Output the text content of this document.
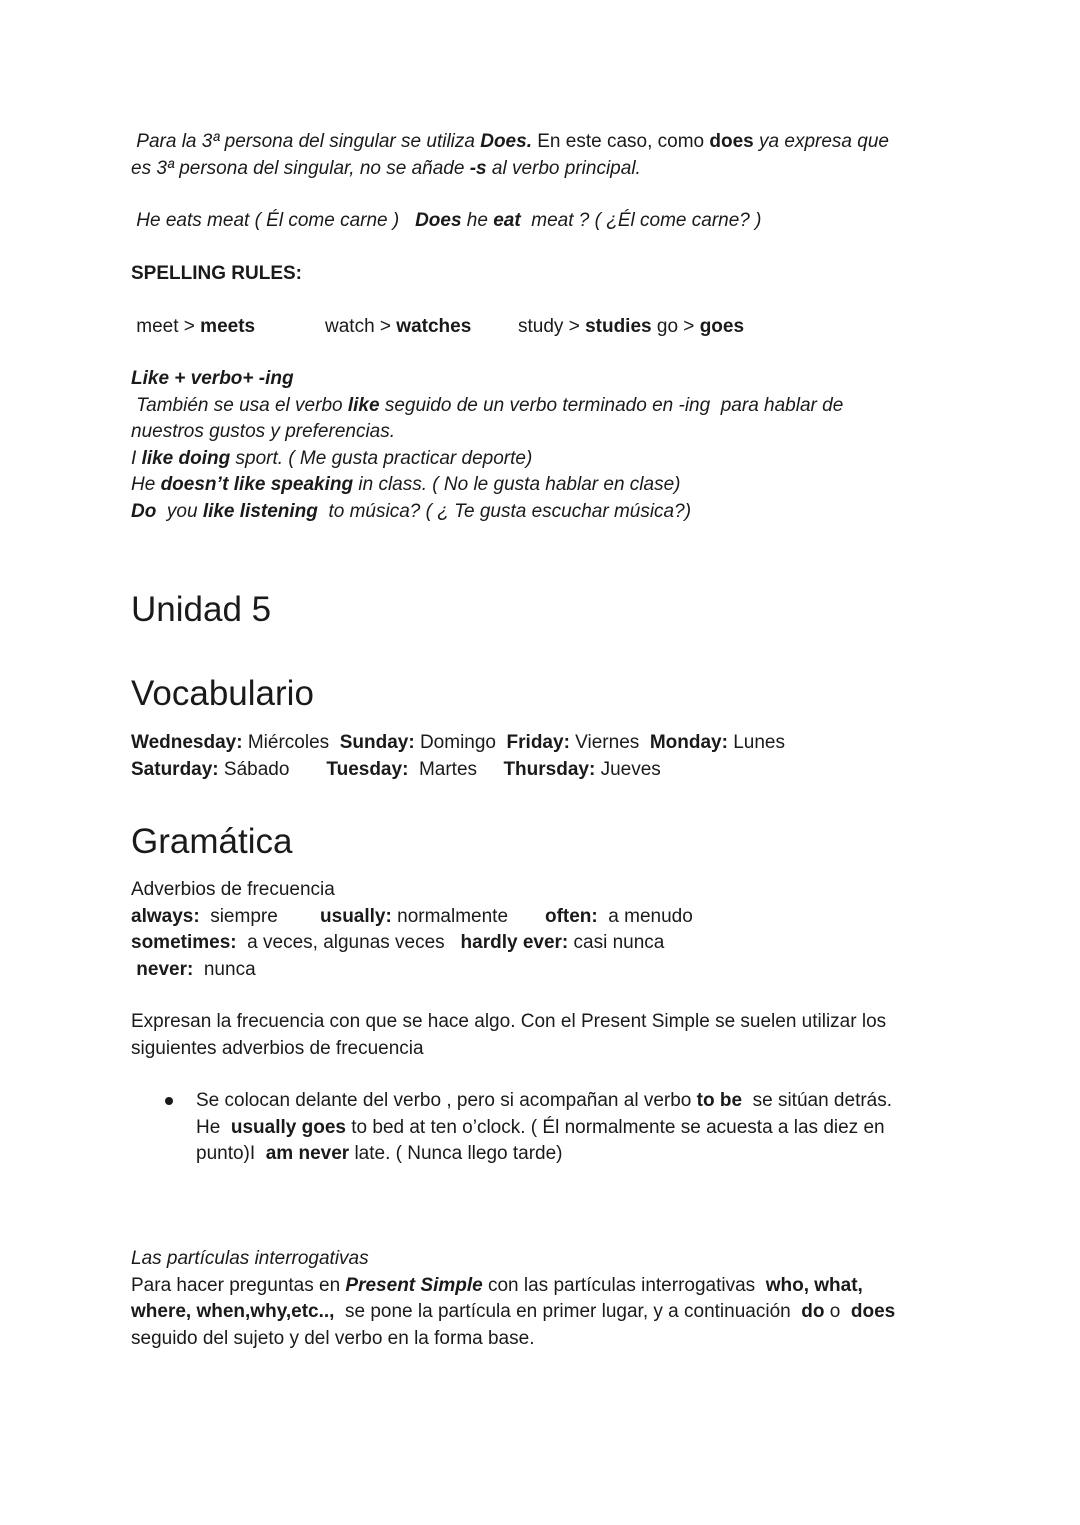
Para la 3ª persona del singular se utiliza Does. En este caso, como does ya expresa que
es 3ª persona del singular, no se añade -s al verbo principal.
He eats meat ( Él come carne )   Does he eat  meat ? ( ¿Él come carne? )
SPELLING RULES:
meet > meets	watch > watches study > studies go > goes
Like + verbo+ -ing
También se usa el verbo like seguido de un verbo terminado en -ing  para hablar de
nuestros gustos y preferencias.
I like doing sport. ( Me gusta practicar deporte)
He doesn’t like speaking in class. ( No le gusta hablar en clase)
Do  you like listening  to música? ( ¿ Te gusta escuchar música?)
Unidad 5
Vocabulario
Wednesday: Miércoles  Sunday: Domingo  Friday: Viernes  Monday: Lunes
Saturday: Sábado       Tuesday:  Martes     Thursday: Jueves
Gramática
Adverbios de frecuencia
always:  siempre        usually: normalmente       often:  a menudo
sometimes:  a veces, algunas veces   hardly ever: casi nunca
never:  nunca
Expresan la frecuencia con que se hace algo. Con el Present Simple se suelen utilizar los
siguientes adverbios de frecuencia
Se colocan delante del verbo , pero si acompañan al verbo to be  se sitúan detrás.
He  usually goes to bed at ten o’clock. ( Él normalmente se acuesta a las diez en
punto)I  am never late. ( Nunca llego tarde)
Las partículas interrogativas
Para hacer preguntas en Present Simple con las partículas interrogativas  who, what,
where, when,why,etc..,  se pone la partícula en primer lugar, y a continuación  do o  does
seguido del sujeto y del verbo en la forma base.
